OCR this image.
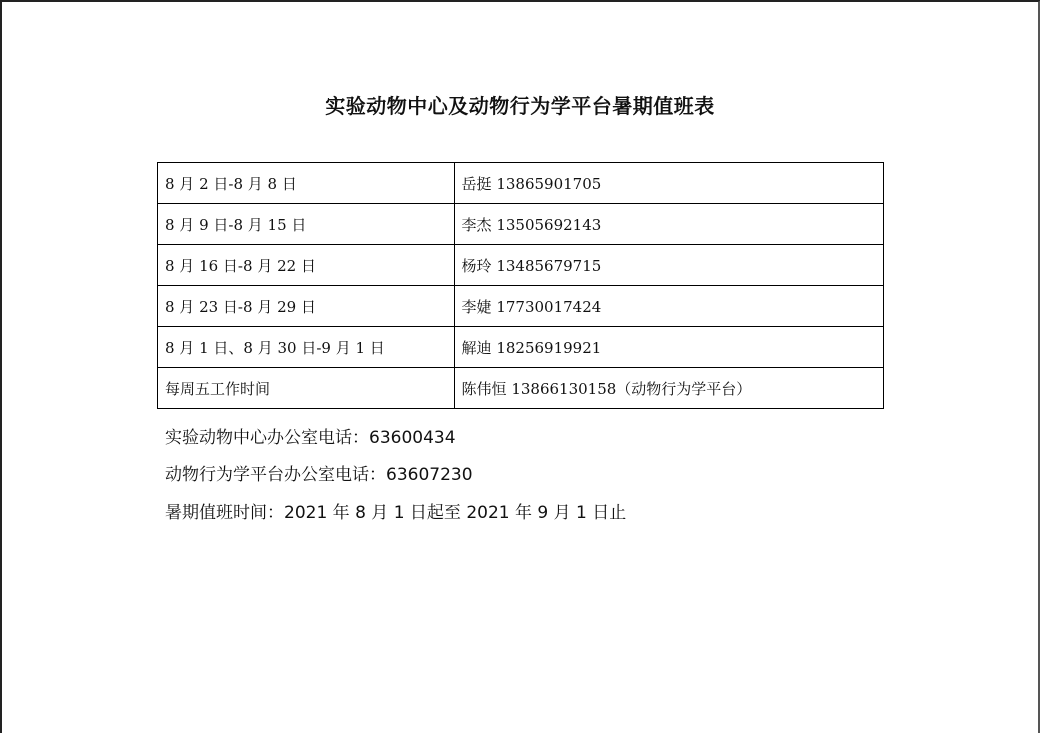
实验动物中心及动物行为学平台暑期值班表
8 月 2 日-8 月 8 日	岳挺 13865901705
8 月 9 日-8 月 15 日	李杰 13505692143
8 月 16 日-8 月 22 日	杨玲 13485679715
8 月 23 日-8 月 29 日	李婕 17730017424
8 月 1 日、8 月 30 日-9 月 1 日	解迪 18256919921
每周五工作时间	陈伟恒 13866130158（动物行为学平台）
实验动物中心办公室电话：63600434
动物行为学平台办公室电话：63607230
暑期值班时间：2021 年 8 月 1 日起至 2021 年 9 月 1 日止
